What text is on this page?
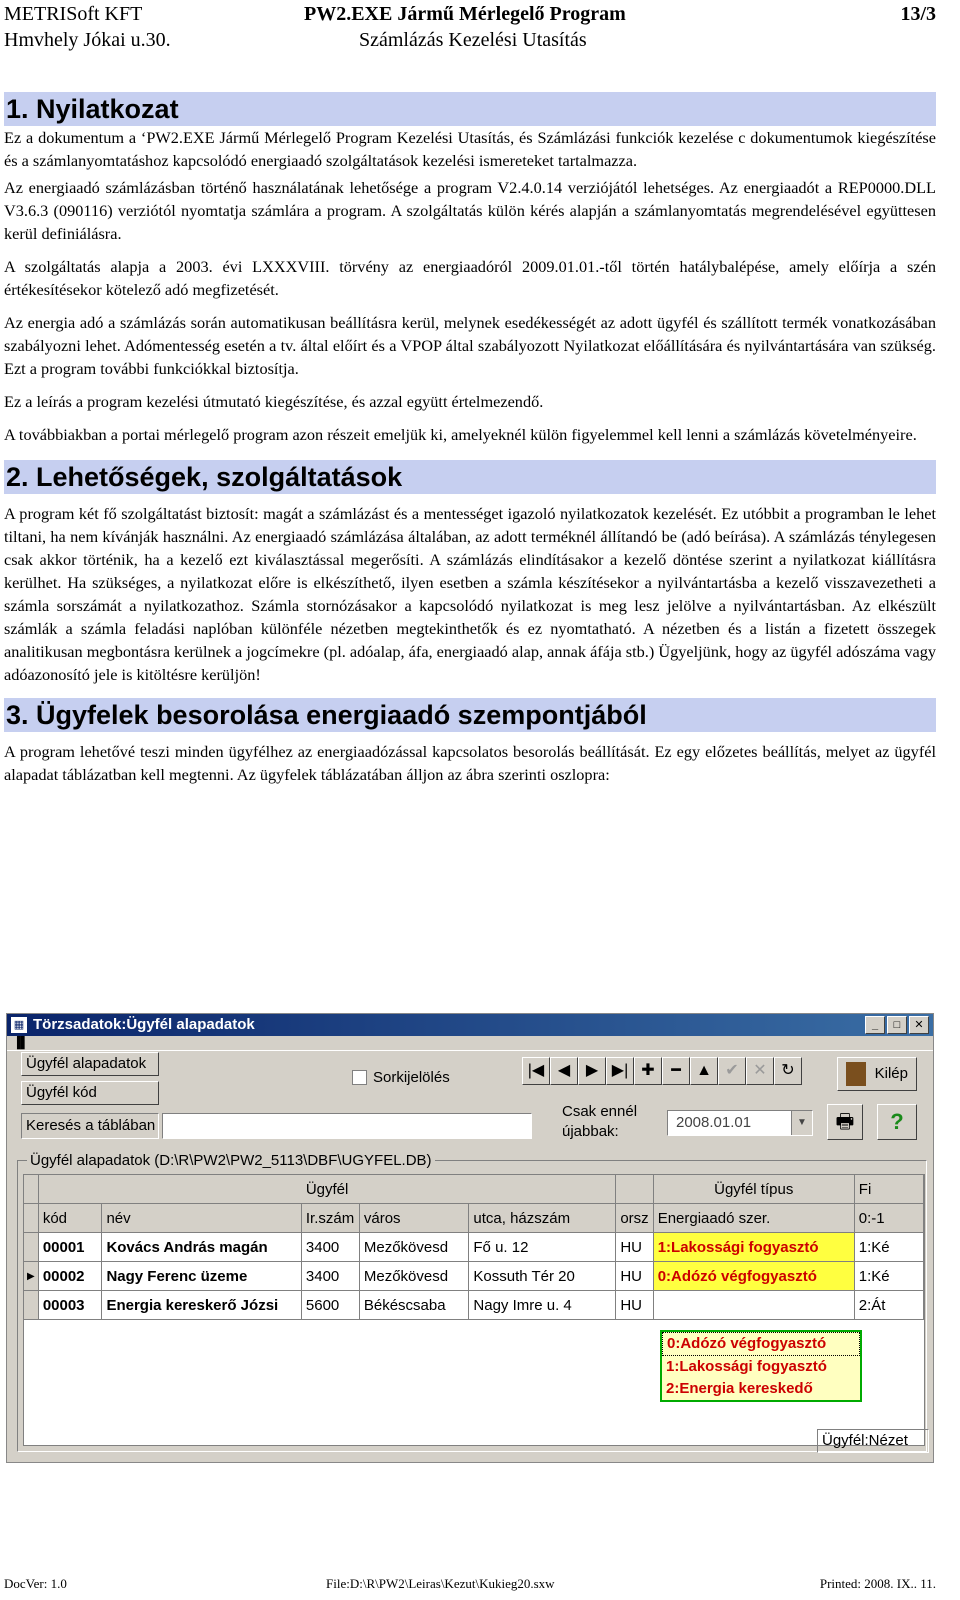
METRISoft KFT
Hmvhely Jókai u.30.
PW2.EXE Jármű Mérlegelő Program
Számlázás Kezelési Utasítás
13/3
1. Nyilatkozat

Ez a dokumentum a ‘PW2.EXE Jármű Mérlegelő Program Kezelési Utasítás, és Számlázási funkciók kezelése c dokumentumok kiegészítése és a számlanyomtatáshoz kapcsolódó energiaadó szolgáltatások kezelési ismereteket tartalmazza.

Az energiaadó számlázásban történő használatának lehetősége a program V2.4.0.14 verziójától lehetséges. Az energiaadót a REP0000.DLL V3.6.3 (090116) verziótól nyomtatja számlára a program. A szolgáltatás külön kérés alapján a számlanyomtatás megrendelésével együttesen kerül definiálásra.

A szolgáltatás alapja a 2003. évi LXXXVIII. törvény az energiaadóról 2009.01.01.-től történ hatálybalépése, amely előírja a szén értékesítésekor kötelező adó megfizetését.

Az energia adó a számlázás során automatikusan beállításra kerül, melynek esedékességét az adott ügyfél és szállított termék vonatkozásában szabályozni lehet. Adómentesség esetén a tv. által előírt és a VPOP által szabályozott Nyilatkozat előállítására és nyilvántartására van szükség. Ezt a program további funkciókkal biztosítja.

Ez a leírás a program kezelési útmutató kiegészítése, és azzal együtt értelmezendő.

A továbbiakban a portai mérlegelő program azon részeit emeljük ki, amelyeknél külön figyelemmel kell lenni a számlázás követelményeire.

2. Lehetőségek, szolgáltatások

A program két fő szolgáltatást biztosít: magát a számlázást és a mentességet igazoló nyilatkozatok kezelését. Ez utóbbit a programban le lehet tiltani, ha nem kívánják használni. Az energiaadó számlázása általában, az adott terméknél állítandó be (adó beírása). A számlázás ténylegesen csak akkor történik, ha a kezelő ezt kiválasztással megerősíti. A számlázás elindításakor a kezelő döntése szerint a nyilatkozat kiállításra kerülhet. Ha szükséges, a nyilatkozat előre is elkészíthető, ilyen esetben a számla készítésekor a nyilvántartásba a kezelő visszavezetheti a számla sorszámát a nyilatkozathoz. Számla stornózásakor a kapcsolódó nyilatkozat is meg lesz jelölve a nyilvántartásban. Az elkészült számlák a számla feladási naplóban különféle nézetben megtekinthetők és ez nyomtatható. A nézetben és a listán a fizetett összegek analitikusan megbontásra kerülnek a jogcímekre (pl. adóalap, áfa, energiaadó alap, annak áfája stb.) Ügyeljünk, hogy az ügyfél adószáma vagy adóazonosító jele is kitöltésre kerüljön!

3. Ügyfelek besorolása energiaadó szempontjából

A program lehetővé teszi minden ügyfélhez az energiaadózással kapcsolatos besorolás beállítását. Ez egy előzetes beállítás, melyet az ügyfél alapadat táblázatban kell megtenni. Az ügyfelek táblázatában álljon az ábra szerinti oszlopra:

▦ Törzsadatok:Ügyfél alapadatok	_	□	✕
▐▌
Ügyfél alapadatok
Ügyfél kód
Keresés a táblában
Sorkijelölés	|◀ ◀ ▶ ▶| ✚	━ ▲ ✔ ✕ ↻	Kilép
Csak ennél
újabbak:
2008.01.01	▼	🖶	?
Ügyfél alapadatok (D:\R\PW2\PW2_5113\DBF\UGYFEL.DB)
	Ügyfél						Ügyfél típus	Fi
	kód	név	Ir.szám	város	utca, házszám	orsz	Energiaadó szer.	0:-1
	00001	Kovács András magán	3400	Mezőkövesd	Fő u. 12	HU	1:Lakossági fogyasztó	1:Ké
▶	00002	Nagy Ferenc üzeme	3400	Mezőkövesd	Kossuth Tér 20	HU	0:Adózó végfogyasztó	1:Ké
	00003	Energia kereskerő Józsi	5600	Békéscsaba	Nagy Imre u. 4	HU		2:Át
0:Adózó végfogyasztó
1:Lakossági fogyasztó
2:Energia kereskedő
Ügyfél:Nézet
DocVer: 1.0	File:D:\R\PW2\Leiras\Kezut\Kukieg20.sxw	Printed: 2008. IX.. 11.
